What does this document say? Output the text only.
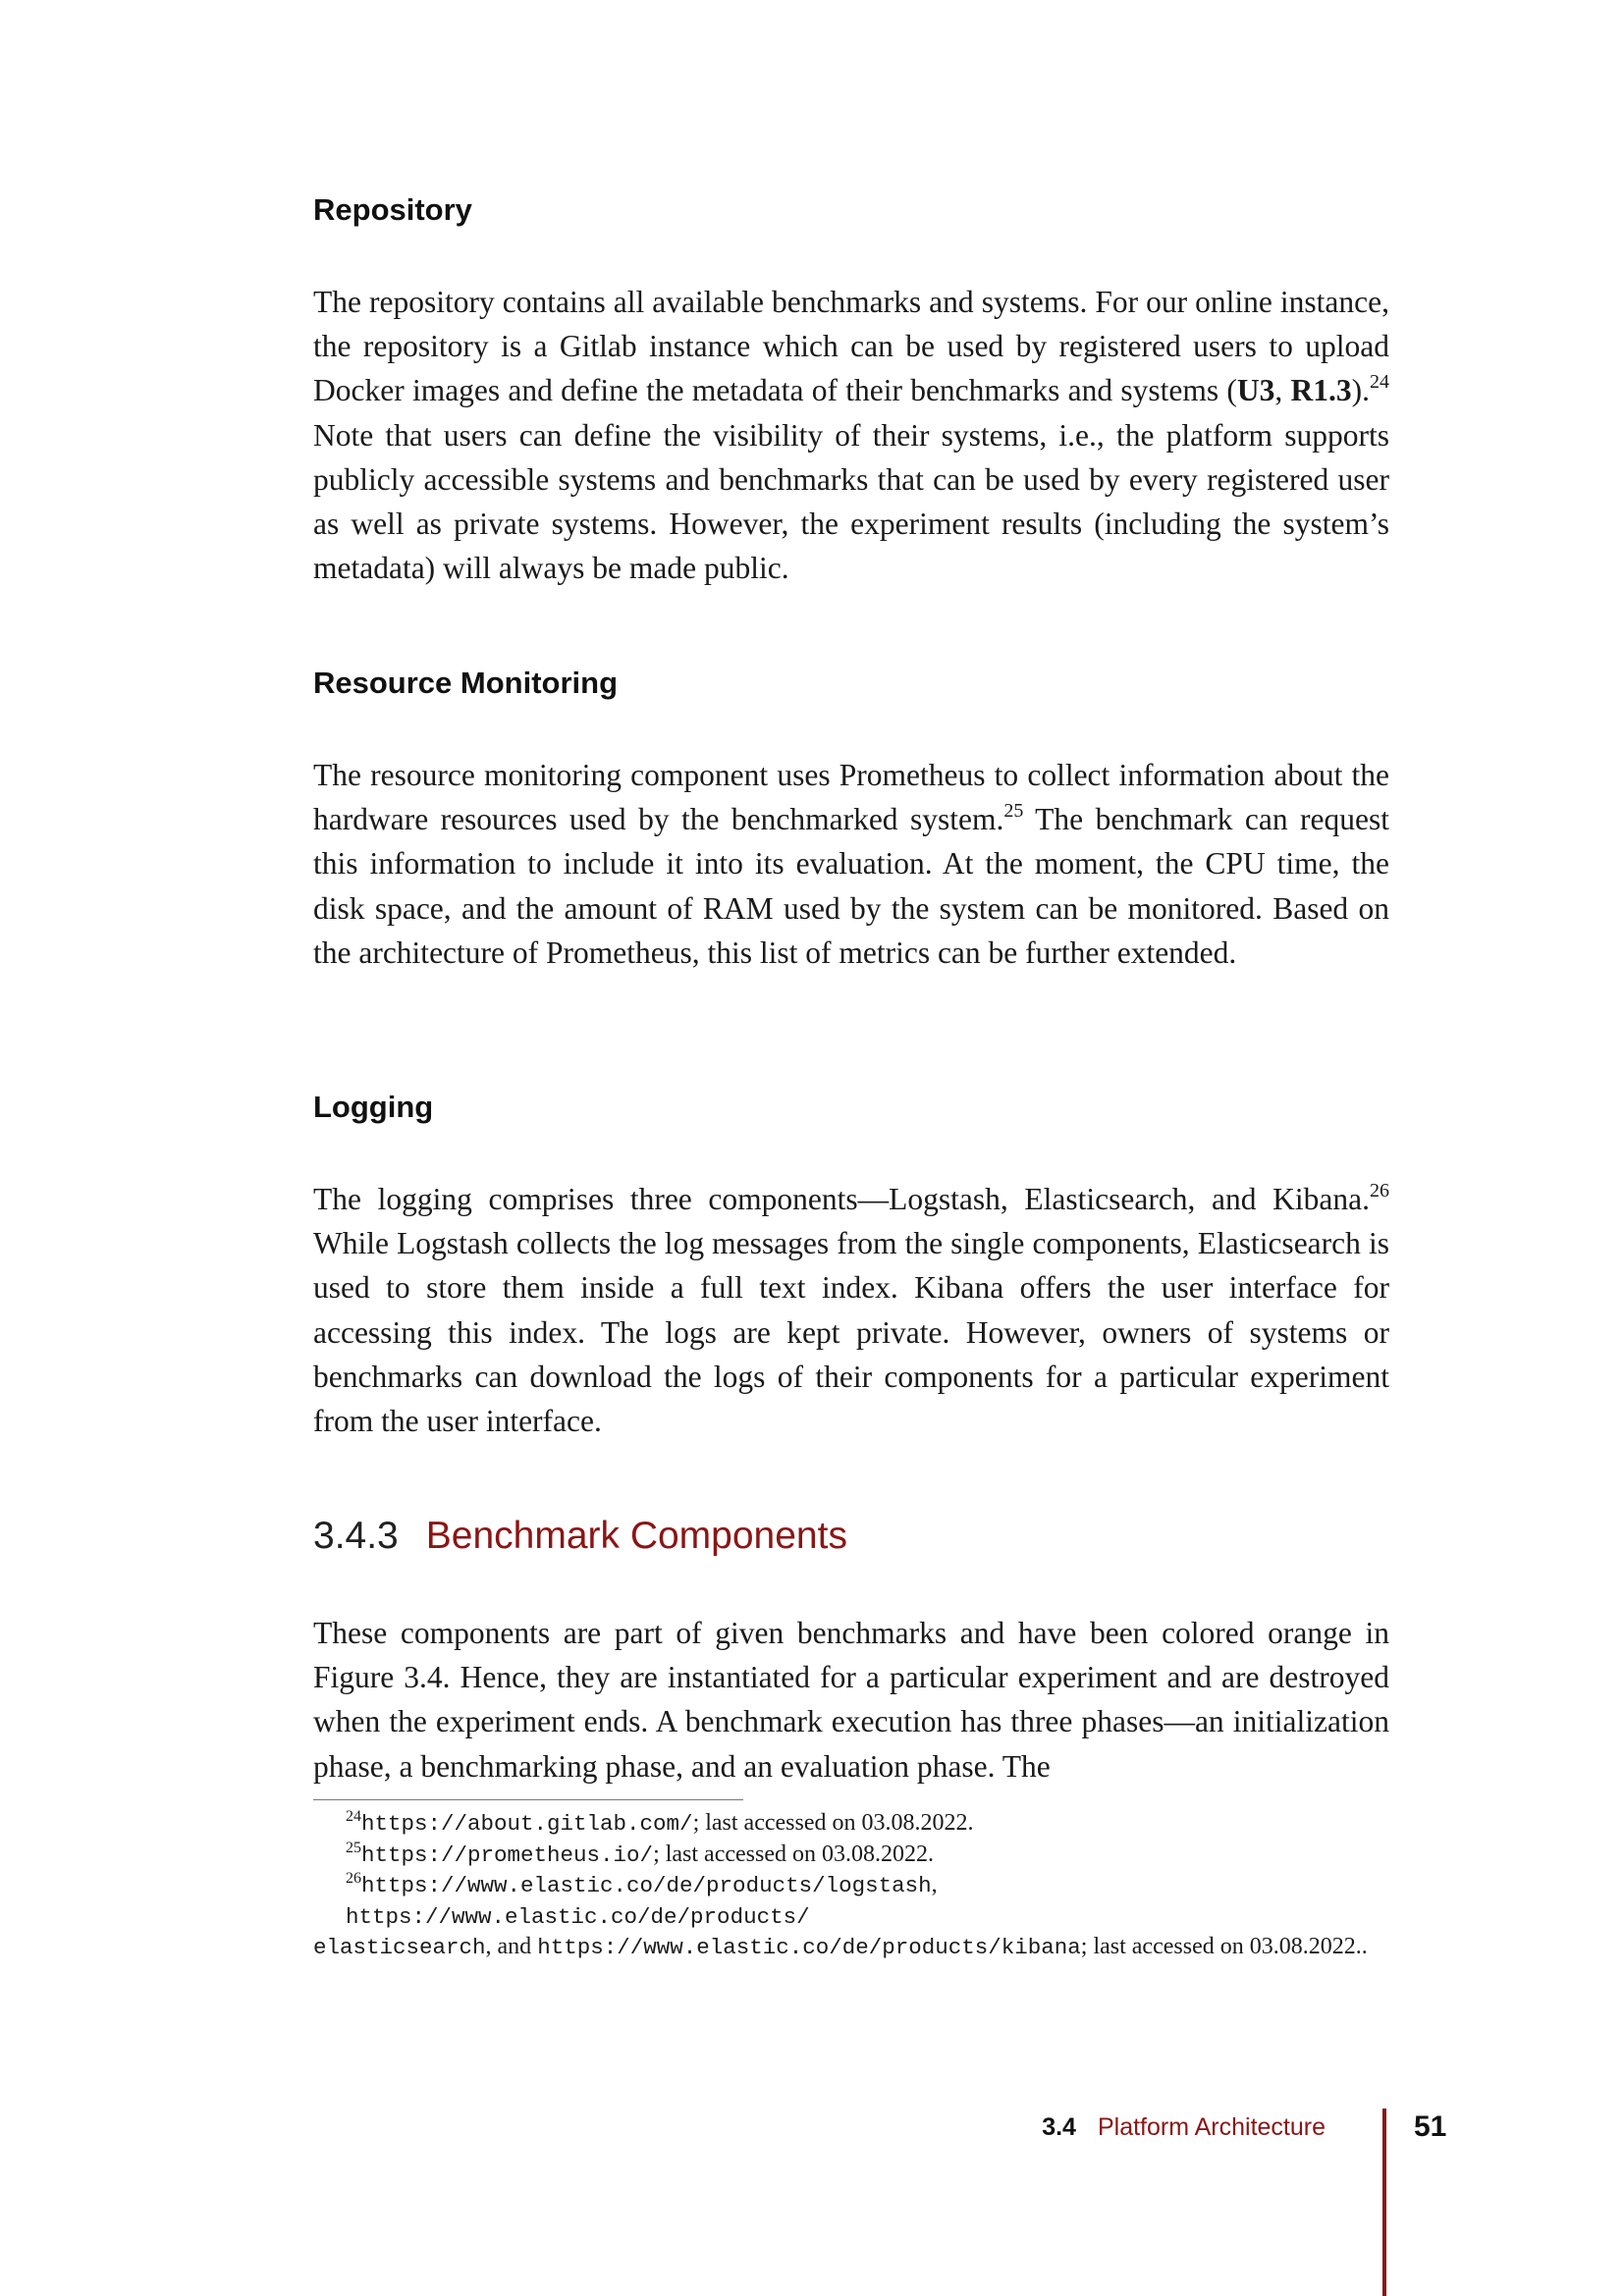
Repository

The repository contains all available benchmarks and systems. For our online instance, the repository is a Gitlab instance which can be used by registered users to upload Docker images and define the metadata of their benchmarks and systems (U3, R1.3).$^{24}$ Note that users can define the visibility of their systems, i.e., the platform supports publicly accessible systems and benchmarks that can be used by every registered user as well as private systems. However, the experiment results (including the system’s metadata) will always be made public.

Resource Monitoring

The resource monitoring component uses Prometheus to collect information about the hardware resources used by the benchmarked system.$^{25}$ The benchmark can request this information to include it into its evaluation. At the moment, the CPU time, the disk space, and the amount of RAM used by the system can be monitored. Based on the architecture of Prometheus, this list of metrics can be further extended.

Logging

The logging comprises three components—Logstash, Elasticsearch, and Kibana.$^{26}$ While Logstash collects the log messages from the single components, Elasticsearch is used to store them inside a full text index. Kibana offers the user interface for accessing this index. The logs are kept private. However, owners of systems or benchmarks can download the logs of their components for a particular experiment from the user interface.

3.4.3 Benchmark Components

These components are part of given benchmarks and have been colored orange in Figure 3.4. Hence, they are instantiated for a particular experiment and are destroyed when the experiment ends. A benchmark execution has three phases—an initialization phase, a benchmarking phase, and an evaluation phase. The

$^{24}$https://about.gitlab.com/; last accessed on 03.08.2022.

$^{25}$https://prometheus.io/; last accessed on 03.08.2022.

$^{26}$https://www.elastic.co/de/products/logstash, https://www.elastic.co/de/products/

elasticsearch, and https://www.elastic.co/de/products/kibana; last accessed on 03.08.2022..

3.4 Platform Architecture	51
